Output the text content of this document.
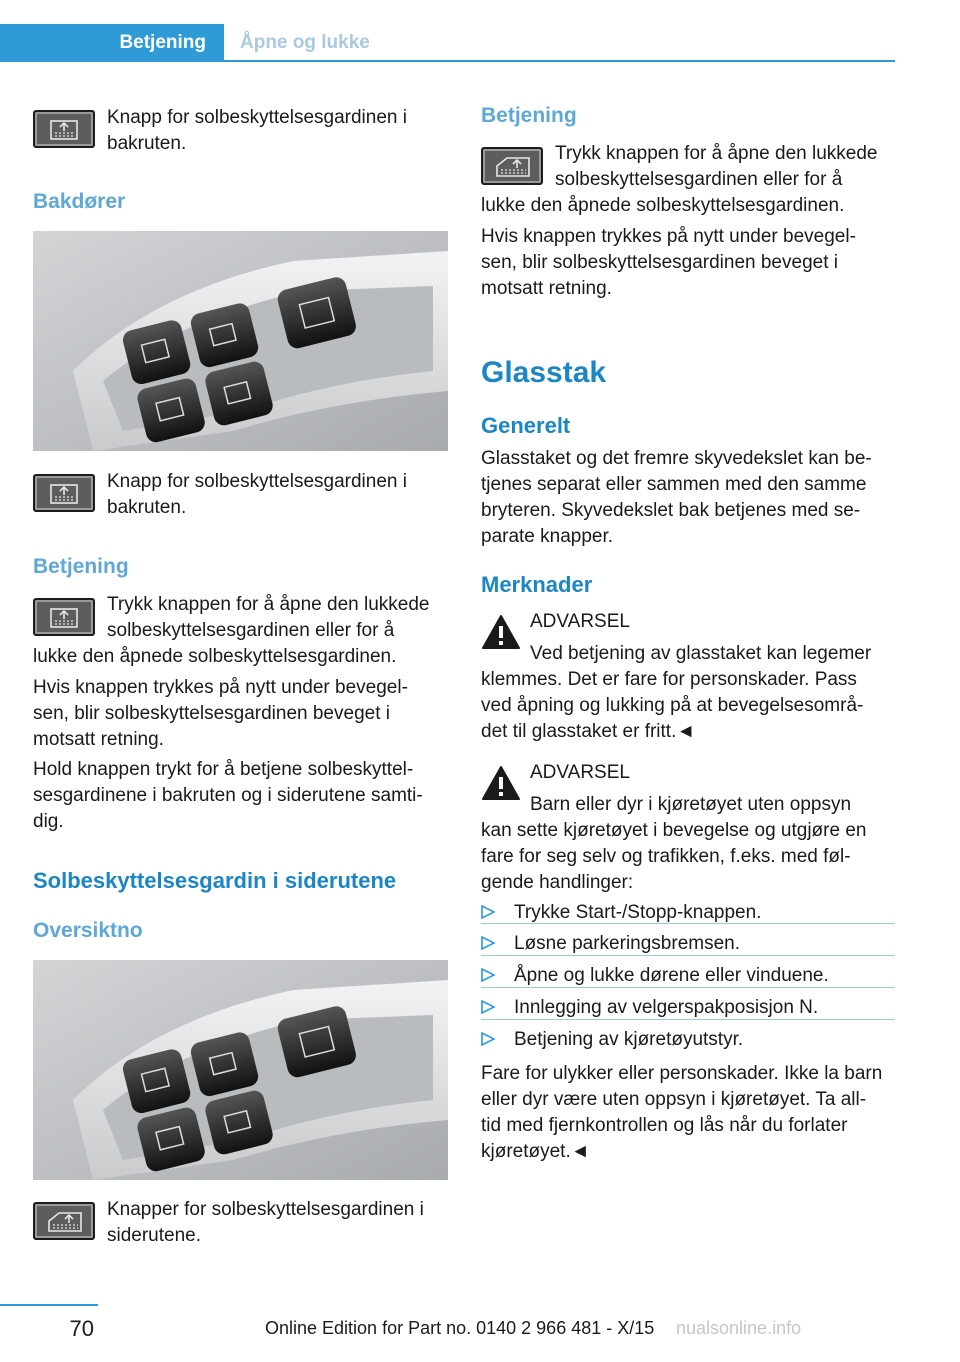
Betjening	Åpne og lukke
Knapp for solbeskyttelsesgardinen i
bakruten.
Bakdører
Knapp for solbeskyttelsesgardinen i
bakruten.
Betjening
Trykk knappen for å åpne den lukkede
solbeskyttelsesgardinen eller for å
lukke den åpnede solbeskyttelsesgardinen.
Hvis knappen trykkes på nytt under bevegel‐
sen, blir solbeskyttelsesgardinen beveget i
motsatt retning.
Hold knappen trykt for å betjene solbeskyttel‐
sesgardinene i bakruten og i siderutene samti‐
dig.
Solbeskyttelsesgardin i siderutene
Oversiktno
Knapper for solbeskyttelsesgardinen i
siderutene.
Betjening
Trykk knappen for å åpne den lukkede
solbeskyttelsesgardinen eller for å
lukke den åpnede solbeskyttelsesgardinen.
Hvis knappen trykkes på nytt under bevegel‐
sen, blir solbeskyttelsesgardinen beveget i
motsatt retning.
Glasstak
Generelt
Glasstaket og det fremre skyvedekslet kan be‐
tjenes separat eller sammen med den samme
bryteren. Skyvedekslet bak betjenes med se‐
parate knapper.
Merknader
ADVARSEL
Ved betjening av glasstaket kan legemer
klemmes. Det er fare for personskader. Pass
ved åpning og lukking på at bevegelsesområ‐
det til glasstaket er fritt.◄
ADVARSEL
Barn eller dyr i kjøretøyet uten oppsyn
kan sette kjøretøyet i bevegelse og utgjøre en
fare for seg selv og trafikken, f.eks. med føl‐
gende handlinger:
Trykke Start-/Stopp-knappen.
Løsne parkeringsbremsen.
Åpne og lukke dørene eller vinduene.
Innlegging av velgerspakposisjon N.
Betjening av kjøretøyutstyr.
Fare for ulykker eller personskader. Ikke la barn
eller dyr være uten oppsyn i kjøretøyet. Ta all‐
tid med fjernkontrollen og lås når du forlater
kjøretøyet.◄
70	Online Edition for Part no. 0140 2 966 481 - X/15 nualsonline.info
